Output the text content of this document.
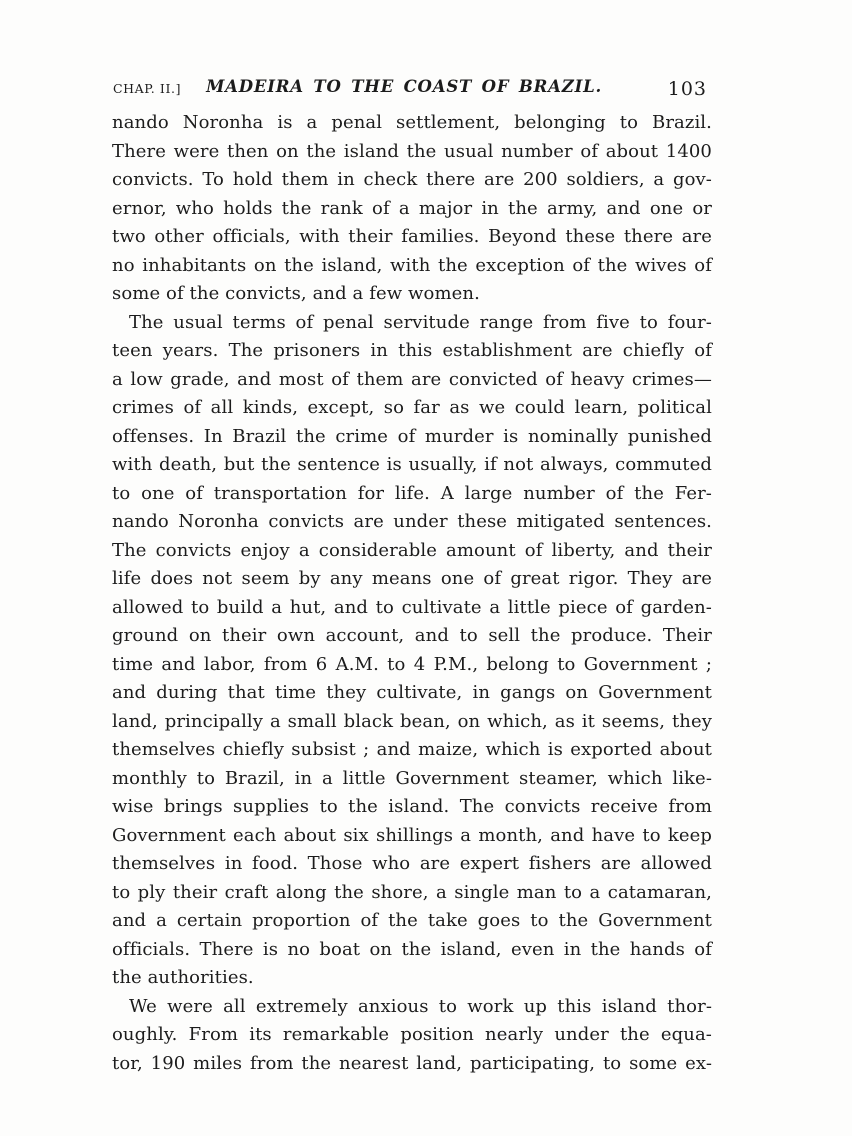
CHAP. II.] MADEIRA TO THE COAST OF BRAZIL.	103
nando Noronha is a penal settlement, belonging to Brazil.
There were then on the island the usual number of about 1400
convicts. To hold them in check there are 200 soldiers, a gov-
ernor, who holds the rank of a major in the army, and one or
two other officials, with their families. Beyond these there are
no inhabitants on the island, with the exception of the wives of
some of the convicts, and a few women.
The usual terms of penal servitude range from five to four-
teen years. The prisoners in this establishment are chiefly of
a low grade, and most of them are convicted of heavy crimes—
crimes of all kinds, except, so far as we could learn, political
offenses. In Brazil the crime of murder is nominally punished
with death, but the sentence is usually, if not always, commuted
to one of transportation for life. A large number of the Fer-
nando Noronha convicts are under these mitigated sentences.
The convicts enjoy a considerable amount of liberty, and their
life does not seem by any means one of great rigor. They are
allowed to build a hut, and to cultivate a little piece of garden-
ground on their own account, and to sell the produce. Their
time and labor, from 6 A.M. to 4 P.M., belong to Government ;
and during that time they cultivate, in gangs on Government
land, principally a small black bean, on which, as it seems, they
themselves chiefly subsist ; and maize, which is exported about
monthly to Brazil, in a little Government steamer, which like-
wise brings supplies to the island. The convicts receive from
Government each about six shillings a month, and have to keep
themselves in food. Those who are expert fishers are allowed
to ply their craft along the shore, a single man to a catamaran,
and a certain proportion of the take goes to the Government
officials. There is no boat on the island, even in the hands of
the authorities.
We were all extremely anxious to work up this island thor-
oughly. From its remarkable position nearly under the equa-
tor, 190 miles from the nearest land, participating, to some ex-
